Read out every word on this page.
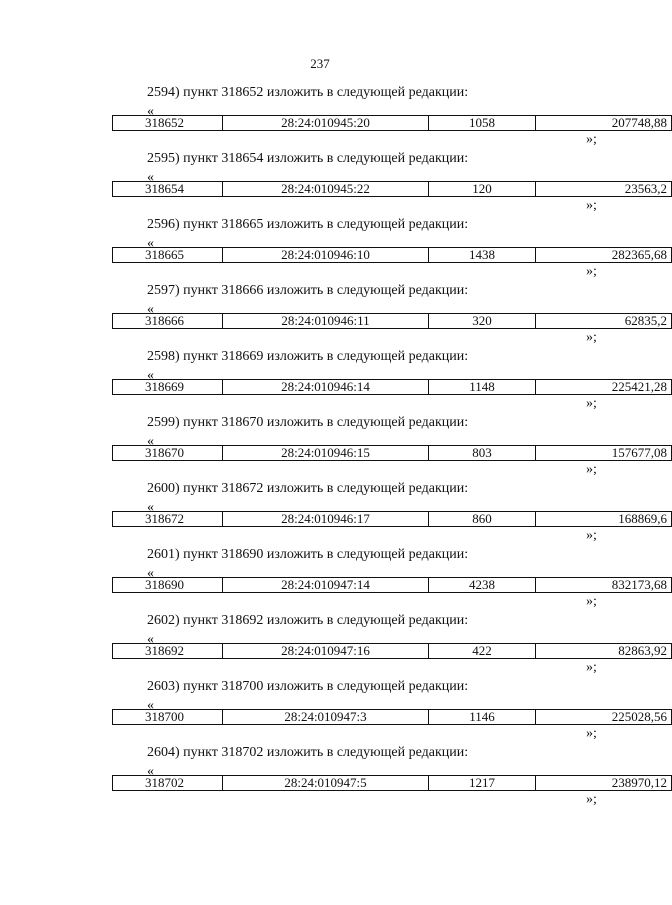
237
2594) пункт 318652 изложить в следующей редакции:
«
318652	28:24:010945:20	1058	207748,88
»;
2595) пункт 318654 изложить в следующей редакции:
«
318654	28:24:010945:22	120	23563,2
»;
2596) пункт 318665 изложить в следующей редакции:
«
318665	28:24:010946:10	1438	282365,68
»;
2597) пункт 318666 изложить в следующей редакции:
«
318666	28:24:010946:11	320	62835,2
»;
2598) пункт 318669 изложить в следующей редакции:
«
318669	28:24:010946:14	1148	225421,28
»;
2599) пункт 318670 изложить в следующей редакции:
«
318670	28:24:010946:15	803	157677,08
»;
2600) пункт 318672 изложить в следующей редакции:
«
318672	28:24:010946:17	860	168869,6
»;
2601) пункт 318690 изложить в следующей редакции:
«
318690	28:24:010947:14	4238	832173,68
»;
2602) пункт 318692 изложить в следующей редакции:
«
318692	28:24:010947:16	422	82863,92
»;
2603) пункт 318700 изложить в следующей редакции:
«
318700	28:24:010947:3	1146	225028,56
»;
2604) пункт 318702 изложить в следующей редакции:
«
318702	28:24:010947:5	1217	238970,12
»;
